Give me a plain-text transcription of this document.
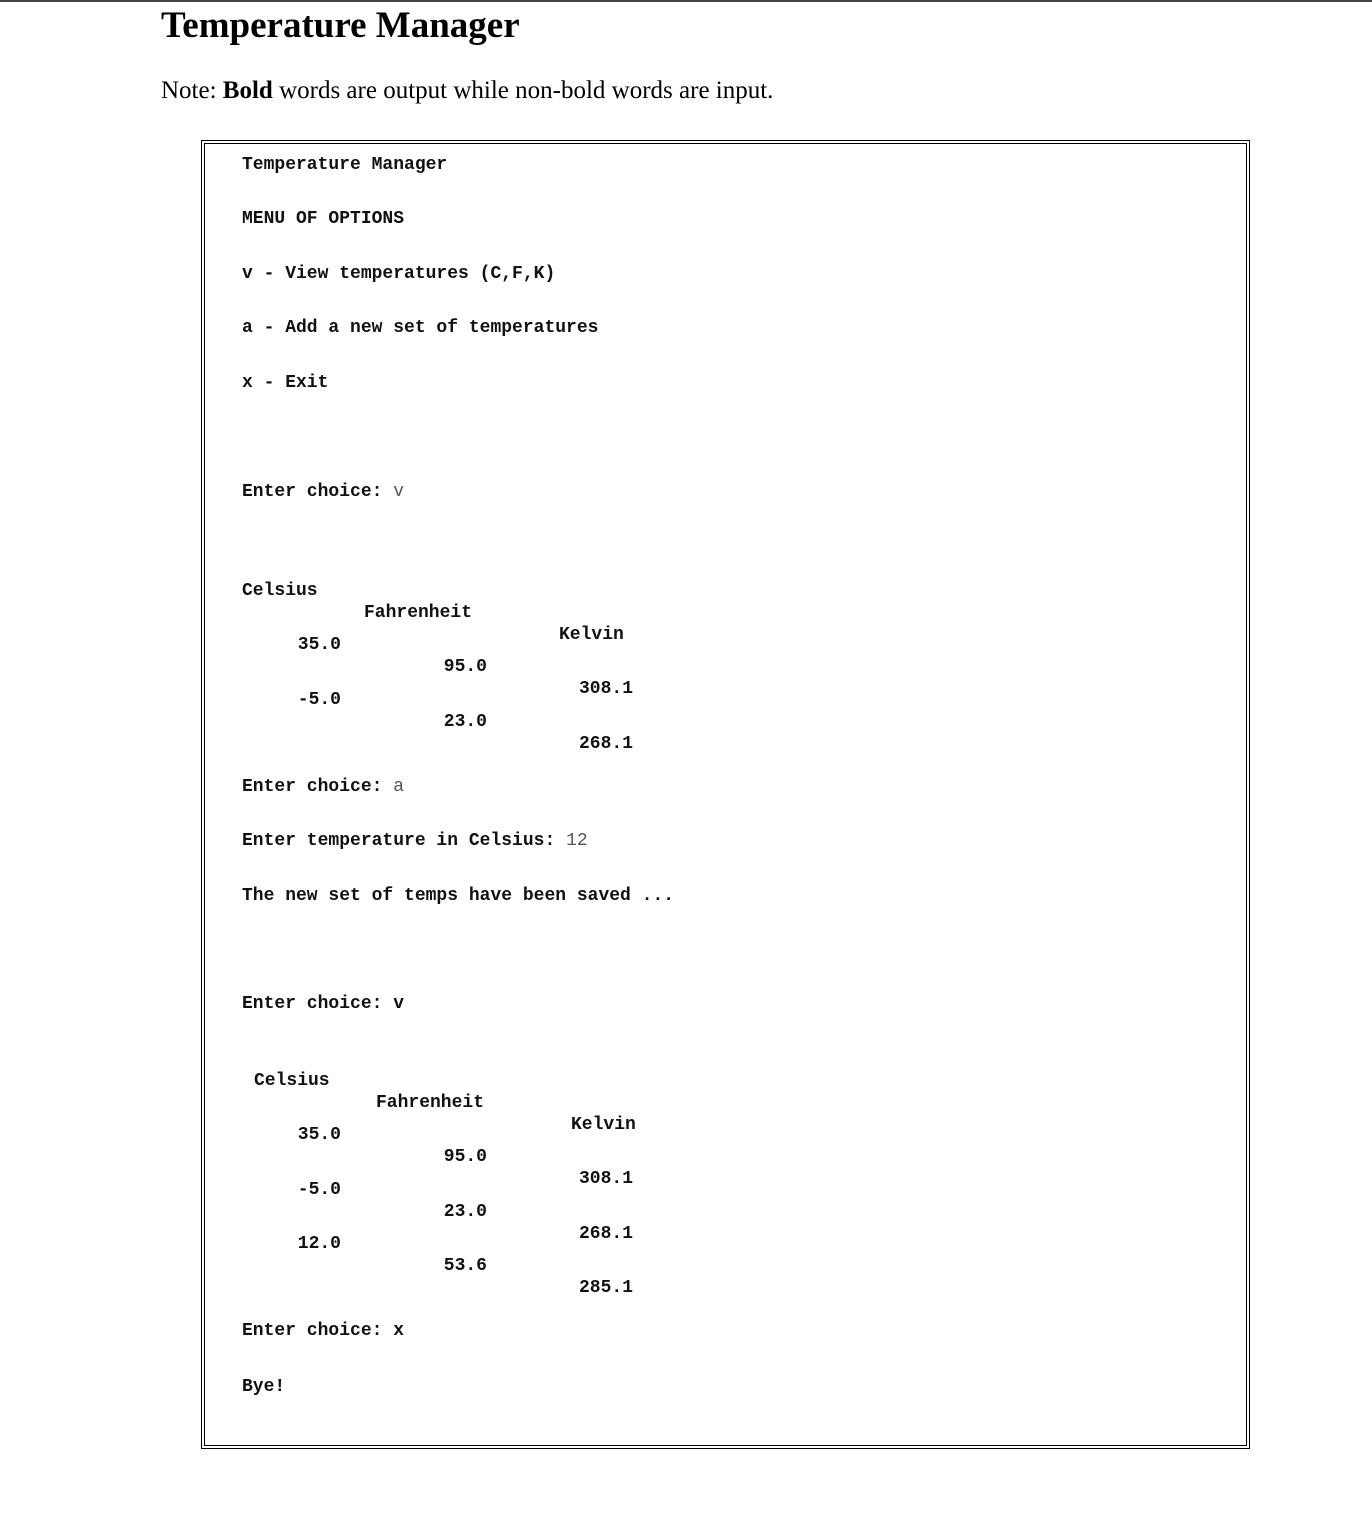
Temperature Manager

Note: Bold words are output while non-bold words are input.

Temperature Manager
MENU OF OPTIONS
v - View temperatures (C,F,K)
a - Add a new set of temperatures
x - Exit
Enter choice: v

Celsius

Fahrenheit

Kelvin

35.0

95.0

308.1

-5.0

23.0

268.1

Enter choice: a
Enter temperature in Celsius: 12
The new set of temps have been saved ...
Enter choice: v

Celsius

Fahrenheit

Kelvin

35.0

95.0

308.1

-5.0

23.0

268.1

12.0

53.6

285.1

Enter choice: x
Bye!
